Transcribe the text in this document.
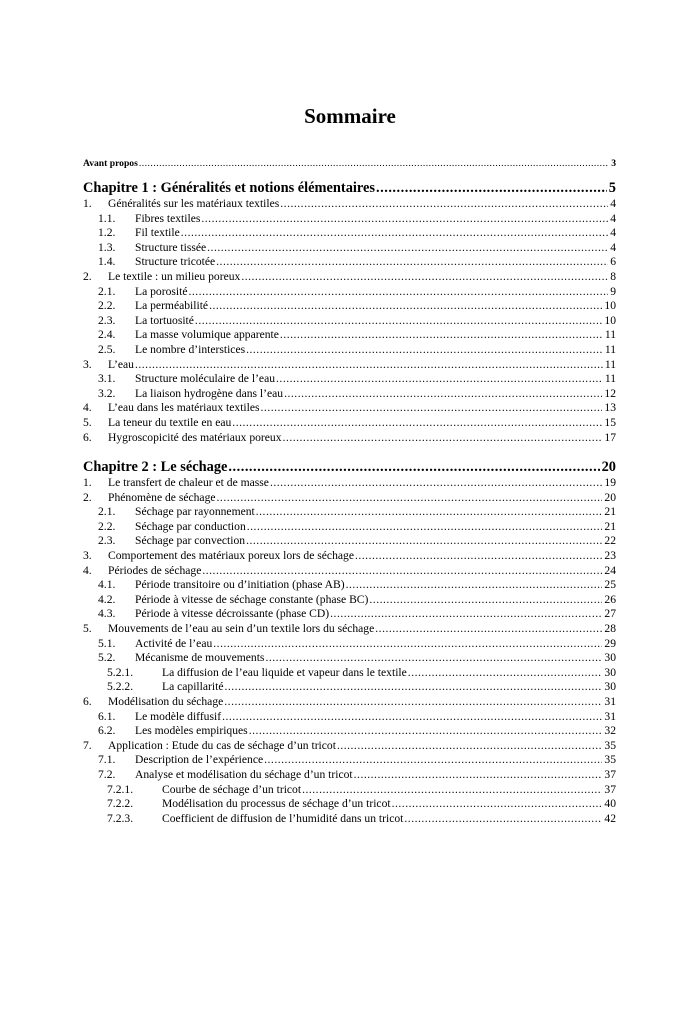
Sommaire
Avant propos .....	3
Chapitre 1 : Généralités et notions élémentaires .....	5
1.	Généralités sur les matériaux textiles .....	4
1.1.	Fibres textiles .....	4
1.2.	Fil textile .....	4
1.3.	Structure tissée .....	4
1.4.	Structure tricotée .....	6
2.	Le textile : un milieu poreux .....	8
2.1.	La porosité .....	9
2.2.	La perméabilité .....	10
2.3.	La tortuosité .....	10
2.4.	La masse volumique apparente .....	11
2.5.	Le nombre d’interstices .....	11
3.	L’eau .....	11
3.1.	Structure moléculaire de l’eau .....	11
3.2.	La liaison hydrogène dans l’eau .....	12
4.	L’eau dans les matériaux textiles .....	13
5.	La teneur du textile en eau .....	15
6.	Hygroscopicité des matériaux poreux .....	17
Chapitre 2 : Le séchage .....	20
1.	Le transfert de chaleur et de masse .....	19
2.	Phénomène de séchage .....	20
2.1.	Séchage par rayonnement .....	21
2.2.	Séchage par conduction .....	21
2.3.	Séchage par convection .....	22
3.	Comportement des matériaux poreux lors de séchage .....	23
4.	Périodes de séchage .....	24
4.1.	Période transitoire ou d’initiation (phase AB) .....	25
4.2.	Période à vitesse de séchage constante (phase BC) .....	26
4.3.	Période à vitesse décroissante (phase CD) .....	27
5.	Mouvements de l’eau au sein d’un textile lors du séchage .....	28
5.1.	Activité de l’eau .....	29
5.2.	Mécanisme de mouvements .....	30
5.2.1.	La diffusion de l’eau liquide et vapeur dans le textile .....	30
5.2.2.	La capillarité .....	30
6.	Modélisation du séchage .....	31
6.1.	Le modèle diffusif .....	31
6.2.	Les modèles empiriques .....	32
7.	Application : Etude du cas de séchage d’un tricot .....	35
7.1.	Description de l’expérience .....	35
7.2.	Analyse et modélisation du séchage d’un tricot .....	37
7.2.1.	Courbe de séchage d’un tricot .....	37
7.2.2.	Modélisation du processus de séchage d’un tricot .....	40
7.2.3.	Coefficient de diffusion de l’humidité dans un tricot .....	42
